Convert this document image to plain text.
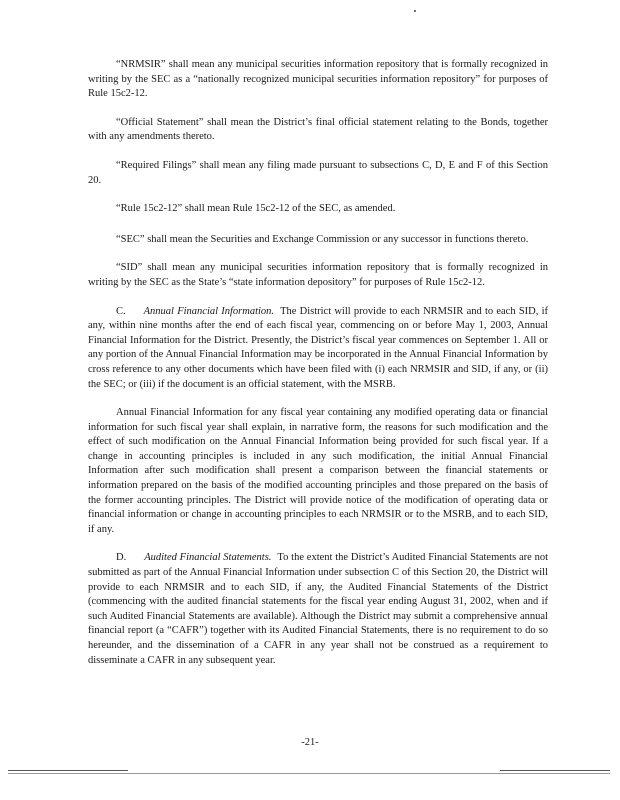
“NRMSIR” shall mean any municipal securities information repository that is formally recognized in writing by the SEC as a “nationally recognized municipal securities information repository” for purposes of Rule 15c2-12.

“Official Statement” shall mean the District’s final official statement relating to the Bonds, together with any amendments thereto.

“Required Filings” shall mean any filing made pursuant to subsections C, D, E and F of this Section 20.

“Rule 15c2-12” shall mean Rule 15c2-12 of the SEC, as amended.

“SEC” shall mean the Securities and Exchange Commission or any successor in functions thereto.

“SID” shall mean any municipal securities information repository that is formally recognized in writing by the SEC as the State’s “state information depository” for purposes of Rule 15c2-12.

C. Annual Financial Information. The District will provide to each NRMSIR and to each SID, if any, within nine months after the end of each fiscal year, commencing on or before May 1, 2003, Annual Financial Information for the District. Presently, the District’s fiscal year commences on September 1. All or any portion of the Annual Financial Information may be incorporated in the Annual Financial Information by cross reference to any other documents which have been filed with (i) each NRMSIR and SID, if any, or (ii) the SEC; or (iii) if the document is an official statement, with the MSRB.

Annual Financial Information for any fiscal year containing any modified operating data or financial information for such fiscal year shall explain, in narrative form, the reasons for such modification and the effect of such modification on the Annual Financial Information being provided for such fiscal year. If a change in accounting principles is included in any such modification, the initial Annual Financial Information after such modification shall present a comparison between the financial statements or information prepared on the basis of the modified accounting principles and those prepared on the basis of the former accounting principles. The District will provide notice of the modification of operating data or financial information or change in accounting principles to each NRMSIR or to the MSRB, and to each SID, if any.

D. Audited Financial Statements. To the extent the District’s Audited Financial Statements are not submitted as part of the Annual Financial Information under subsection C of this Section 20, the District will provide to each NRMSIR and to each SID, if any, the Audited Financial Statements of the District (commencing with the audited financial statements for the fiscal year ending August 31, 2002, when and if such Audited Financial Statements are available). Although the District may submit a comprehensive annual financial report (a “CAFR”) together with its Audited Financial Statements, there is no requirement to do so hereunder, and the dissemination of a CAFR in any year shall not be construed as a requirement to disseminate a CAFR in any subsequent year.

-21-
